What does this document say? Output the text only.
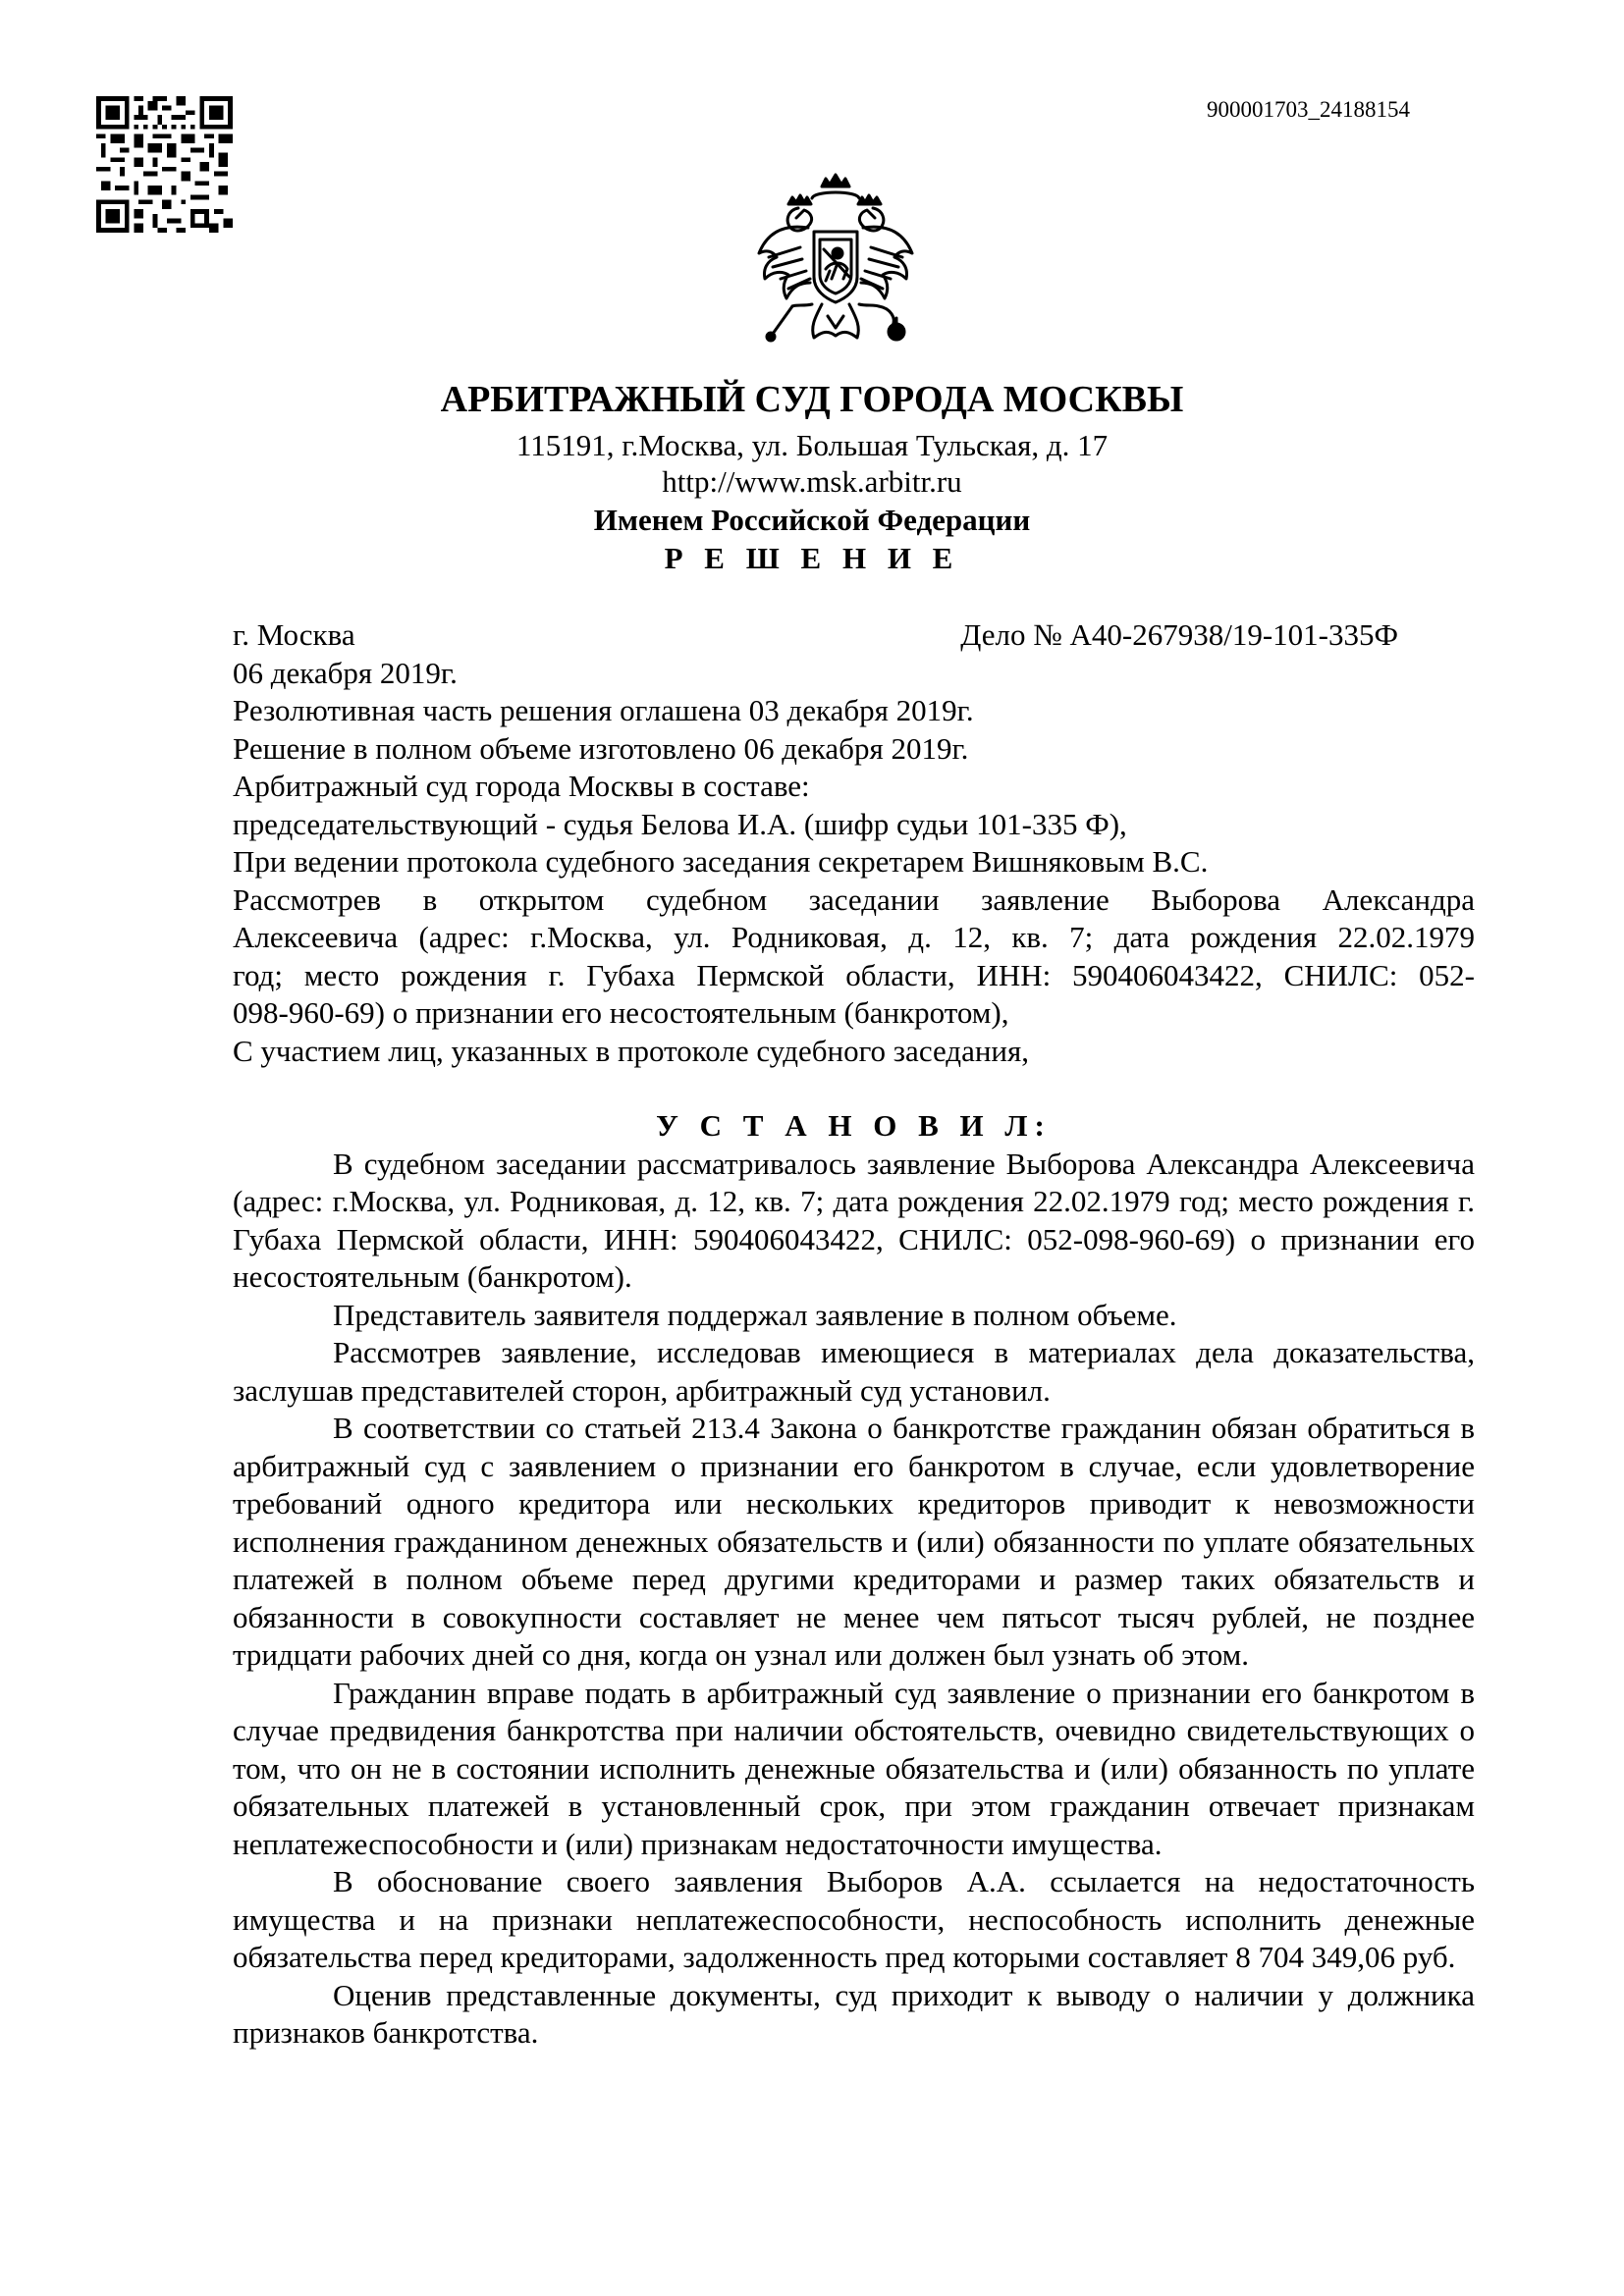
900001703_24188154
АРБИТРАЖНЫЙ СУД ГОРОДА МОСКВЫ
115191, г.Москва, ул. Большая Тульская, д. 17
http://www.msk.arbitr.ru
Именем Российской Федерации
Р Е Ш Е Н И Е
г. Москва	Дело № А40-267938/19-101-335Ф
06 декабря 2019г.
Резолютивная часть решения оглашена 03 декабря 2019г.
Решение в полном объеме изготовлено 06 декабря 2019г.
Арбитражный суд города Москвы в составе:
председательствующий - судья Белова И.А. (шифр судьи 101-335 Ф),
При ведении протокола судебного заседания секретарем Вишняковым В.С.
Рассмотрев в открытом судебном заседании заявление Выборова Александра
Алексеевича (адрес: г.Москва, ул. Родниковая, д. 12, кв. 7; дата рождения 22.02.1979
год; место рождения г. Губаха Пермской области, ИНН: 590406043422, СНИЛС: 052-
098-960-69) о признании его несостоятельным (банкротом),
С участием лиц, указанных в протоколе судебного заседания,
У С Т А Н О В И Л:
В судебном заседании рассматривалось заявление Выборова Александра Алексеевича (адрес: г.Москва, ул. Родниковая, д. 12, кв. 7; дата рождения 22.02.1979 год; место рождения г. Губаха Пермской области, ИНН: 590406043422, СНИЛС: 052-098-960-69) о признании его несостоятельным (банкротом).
Представитель заявителя поддержал заявление в полном объеме.
Рассмотрев заявление, исследовав имеющиеся в материалах дела доказательства, заслушав представителей сторон, арбитражный суд установил.
В соответствии со статьей 213.4 Закона о банкротстве гражданин обязан обратиться в арбитражный суд с заявлением о признании его банкротом в случае, если удовлетворение требований одного кредитора или нескольких кредиторов приводит к невозможности исполнения гражданином денежных обязательств и (или) обязанности по уплате обязательных платежей в полном объеме перед другими кредиторами и размер таких обязательств и обязанности в совокупности составляет не менее чем пятьсот тысяч рублей, не позднее тридцати рабочих дней со дня, когда он узнал или должен был узнать об этом.
Гражданин вправе подать в арбитражный суд заявление о признании его банкротом в случае предвидения банкротства при наличии обстоятельств, очевидно свидетельствующих о том, что он не в состоянии исполнить денежные обязательства и (или) обязанность по уплате обязательных платежей в установленный срок, при этом гражданин отвечает признакам неплатежеспособности и (или) признакам недостаточности имущества.
В обоснование своего заявления Выборов А.А. ссылается на недостаточность имущества и на признаки неплатежеспособности, неспособность исполнить денежные обязательства перед кредиторами, задолженность пред которыми составляет 8 704 349,06 руб.
Оценив представленные документы, суд приходит к выводу о наличии у должника признаков банкротства.
